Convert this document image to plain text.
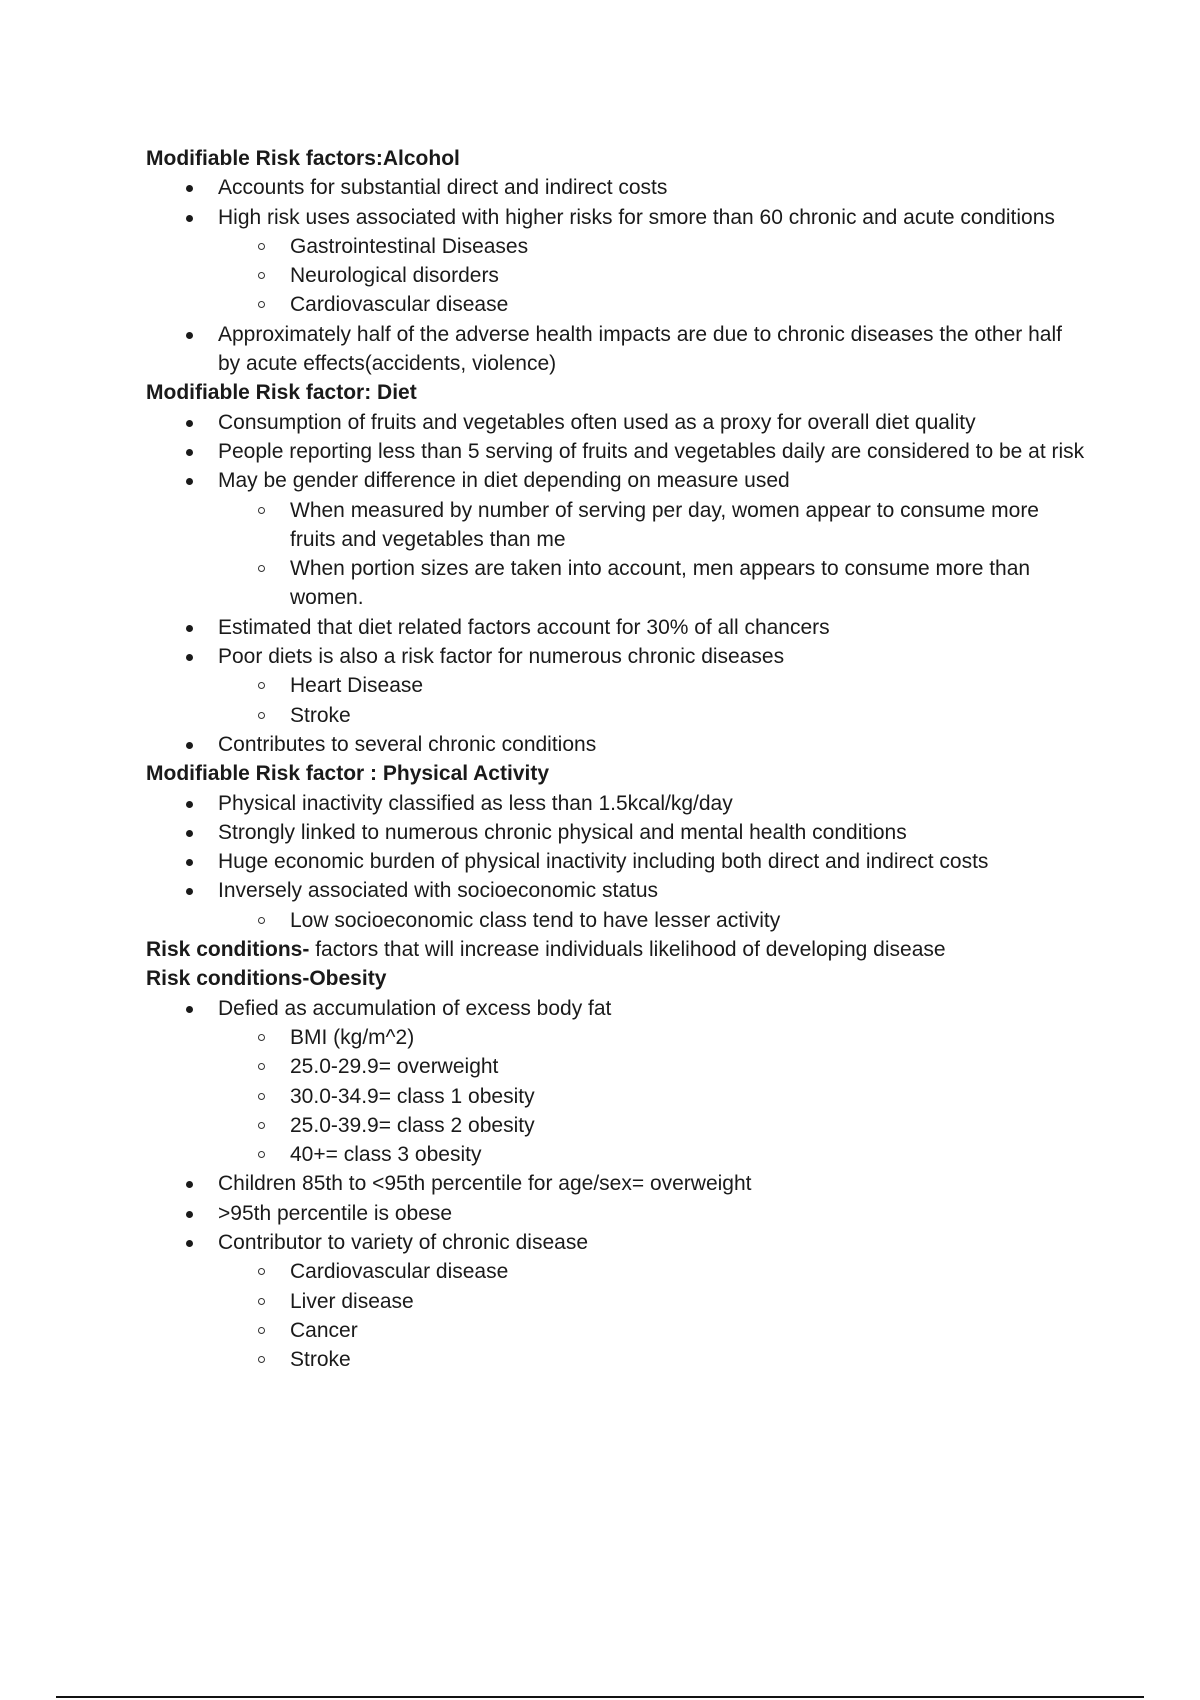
Modifiable Risk factors:Alcohol
Accounts for substantial direct and indirect costs
High risk uses associated with higher risks for smore than 60 chronic and acute conditions
Gastrointestinal Diseases
Neurological disorders
Cardiovascular disease
Approximately half of the adverse health impacts are due to chronic diseases the other half by acute effects(accidents, violence)
Modifiable Risk factor: Diet
Consumption of fruits and vegetables often used as a proxy for overall diet quality
People reporting less than 5 serving of fruits and vegetables daily are considered to be at risk
May be gender difference in diet depending on measure used
When measured by number of serving per day, women appear to consume more fruits and vegetables than me
When portion sizes are taken into account, men appears to consume more than women.
Estimated that diet related factors account for 30% of all chancers
Poor diets is also a risk factor for numerous chronic diseases
Heart Disease
Stroke
Contributes to several chronic conditions
Modifiable Risk factor : Physical Activity
Physical inactivity classified as less than 1.5kcal/kg/day
Strongly linked to numerous chronic physical and mental health conditions
Huge economic burden of physical inactivity including both direct and indirect costs
Inversely associated with socioeconomic status
Low socioeconomic class tend to have lesser activity
Risk conditions- factors that will increase individuals likelihood of developing disease
Risk conditions-Obesity
Defied as accumulation of excess body fat
BMI (kg/m^2)
25.0-29.9= overweight
30.0-34.9= class 1 obesity
25.0-39.9= class 2 obesity
40+= class 3 obesity
Children 85th to <95th percentile for age/sex= overweight
>95th percentile is obese
Contributor to variety of chronic disease
Cardiovascular disease
Liver disease
Cancer
Stroke
